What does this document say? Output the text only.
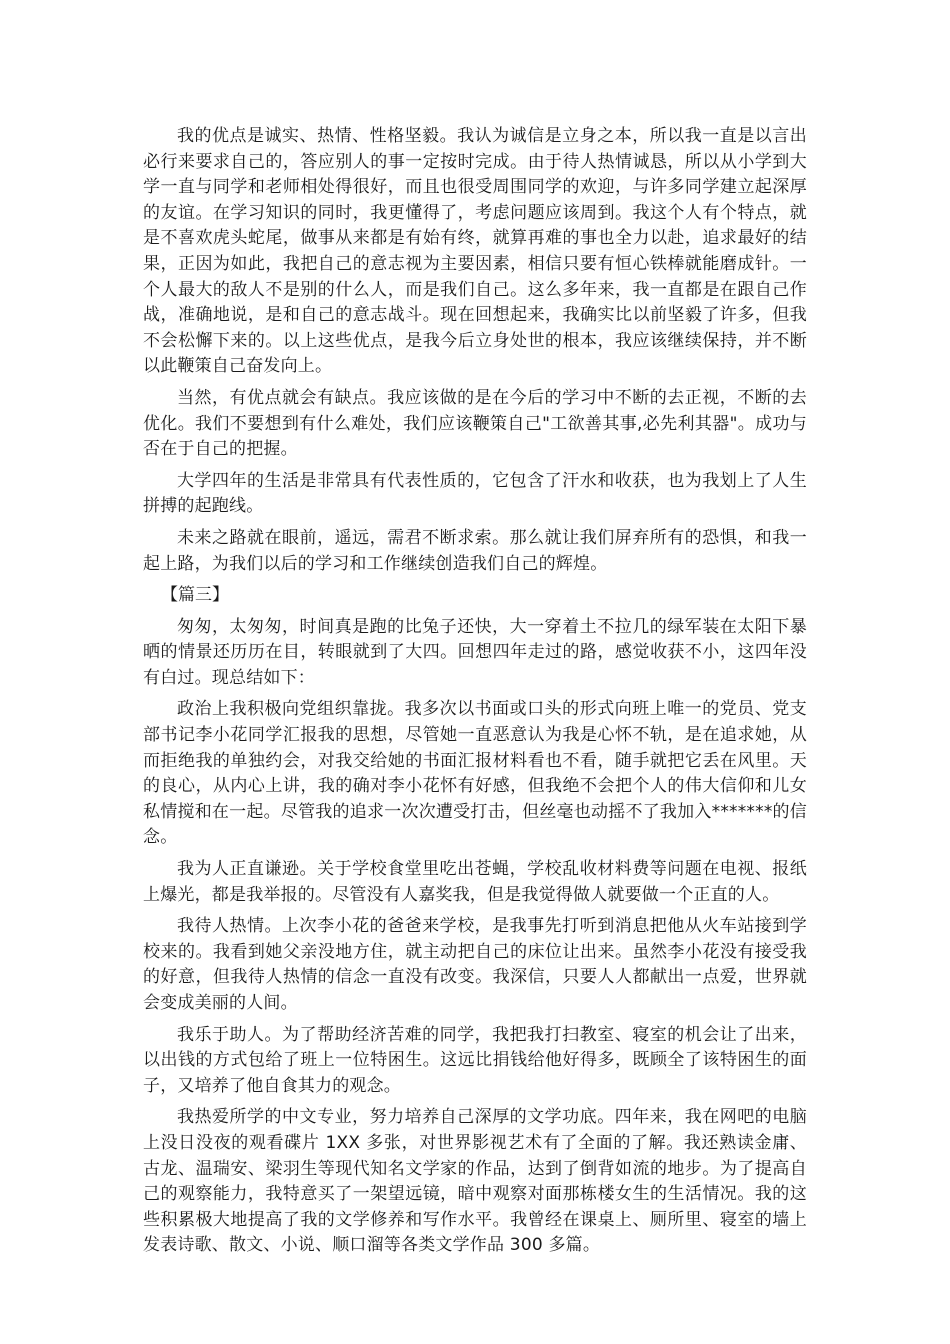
我的优点是诚实、热情、性格坚毅。我认为诚信是立身之本，所以我一直是以言出必行来要求自己的，答应别人的事一定按时完成。由于待人热情诚恳，所以从小学到大学一直与同学和老师相处得很好，而且也很受周围同学的欢迎，与许多同学建立起深厚的友谊。在学习知识的同时，我更懂得了，考虑问题应该周到。我这个人有个特点，就是不喜欢虎头蛇尾，做事从来都是有始有终，就算再难的事也全力以赴，追求最好的结果，正因为如此，我把自己的意志视为主要因素，相信只要有恒心铁棒就能磨成针。一个人最大的敌人不是别的什么人，而是我们自己。这么多年来，我一直都是在跟自己作战，准确地说，是和自己的意志战斗。现在回想起来，我确实比以前坚毅了许多，但我不会松懈下来的。以上这些优点，是我今后立身处世的根本，我应该继续保持，并不断以此鞭策自己奋发向上。

当然，有优点就会有缺点。我应该做的是在今后的学习中不断的去正视，不断的去优化。我们不要想到有什么难处，我们应该鞭策自己"工欲善其事,必先利其器"。成功与否在于自己的把握。

大学四年的生活是非常具有代表性质的，它包含了汗水和收获，也为我划上了人生拼搏的起跑线。

未来之路就在眼前，遥远，需君不断求索。那么就让我们屏弃所有的恐惧，和我一起上路，为我们以后的学习和工作继续创造我们自己的辉煌。

【篇三】

匆匆，太匆匆，时间真是跑的比兔子还快，大一穿着土不拉几的绿军装在太阳下暴晒的情景还历历在目，转眼就到了大四。回想四年走过的路，感觉收获不小，这四年没有白过。现总结如下：

政治上我积极向党组织靠拢。我多次以书面或口头的形式向班上唯一的党员、党支部书记李小花同学汇报我的思想，尽管她一直恶意认为我是心怀不轨，是在追求她，从而拒绝我的单独约会，对我交给她的书面汇报材料看也不看，随手就把它丢在风里。天的良心，从内心上讲，我的确对李小花怀有好感，但我绝不会把个人的伟大信仰和儿女私情搅和在一起。尽管我的追求一次次遭受打击，但丝毫也动摇不了我加入*******的信念。

我为人正直谦逊。关于学校食堂里吃出苍蝇，学校乱收材料费等问题在电视、报纸上爆光，都是我举报的。尽管没有人嘉奖我，但是我觉得做人就要做一个正直的人。

我待人热情。上次李小花的爸爸来学校，是我事先打听到消息把他从火车站接到学校来的。我看到她父亲没地方住，就主动把自己的床位让出来。虽然李小花没有接受我的好意，但我待人热情的信念一直没有改变。我深信，只要人人都献出一点爱，世界就会变成美丽的人间。

我乐于助人。为了帮助经济苦难的同学，我把我打扫教室、寝室的机会让了出来，以出钱的方式包给了班上一位特困生。这远比捐钱给他好得多，既顾全了该特困生的面子，又培养了他自食其力的观念。

我热爱所学的中文专业，努力培养自己深厚的文学功底。四年来，我在网吧的电脑上没日没夜的观看碟片 1XX 多张，对世界影视艺术有了全面的了解。我还熟读金庸、古龙、温瑞安、梁羽生等现代知名文学家的作品，达到了倒背如流的地步。为了提高自己的观察能力，我特意买了一架望远镜，暗中观察对面那栋楼女生的生活情况。我的这些积累极大地提高了我的文学修养和写作水平。我曾经在课桌上、厕所里、寝室的墙上发表诗歌、散文、小说、顺口溜等各类文学作品 300 多篇。
